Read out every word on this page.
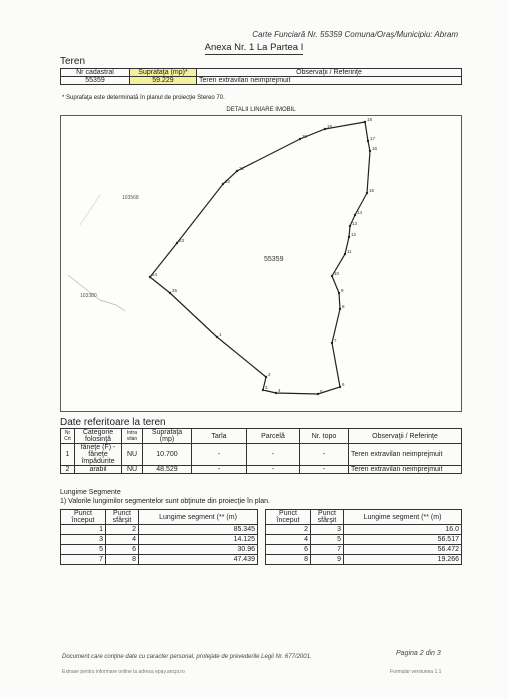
Carte Funciară Nr. 55359 Comuna/Oraş/Municipiu: Abram
Anexa Nr. 1 La Partea I
Teren
Nr cadastral	Suprafaţa (mp)*	Observaţii / Referinţe
55359	59.229	Teren extravilan neimprejmuit
* Suprafaţa este determinată în planul de proiecţie Stereo 70.
DETALII LINIARE IMOBIL
1
2
3
4	5
6
7
8
9
10
11
12
13
14
15
16
17
18
19
20
21
22
23
24
25
55359
103568
103380
Date referitoare la teren
Nr Crt	Categorie folosinţă	Intra vilan	Suprafaţa (mp)	Tarla	Parcelă	Nr. topo	Observaţii / Referinţe
1	fâneţe (F) - fâneţe împădurite	NU	10.700	-	-	-	Teren extravilan neimprejmuit
2	arabil	NU	48.529	-	-	-	Teren extravilan neimprejmuit
Lungime Segmente
1) Valorile lungimilor segmentelor sunt obţinute din proiecţie în plan.
Punct început	Punct sfârşit	Lungime segment (** (m)
1	2	85.345
3	4	14.125
5	6	30.96
7	8	47.439
Punct început	Punct sfârşit	Lungime segment (** (m)
2	3	16.0
4	5	56.517
6	7	56.472
8	9	19.266
Document care conţine date cu caracter personal, protejate de prevederile Legii Nr. 677/2001.	Pagina 2 din 3
Extrase pentru informare online la adresa epay.ancpi.ro	Formular versiunea 1.1
